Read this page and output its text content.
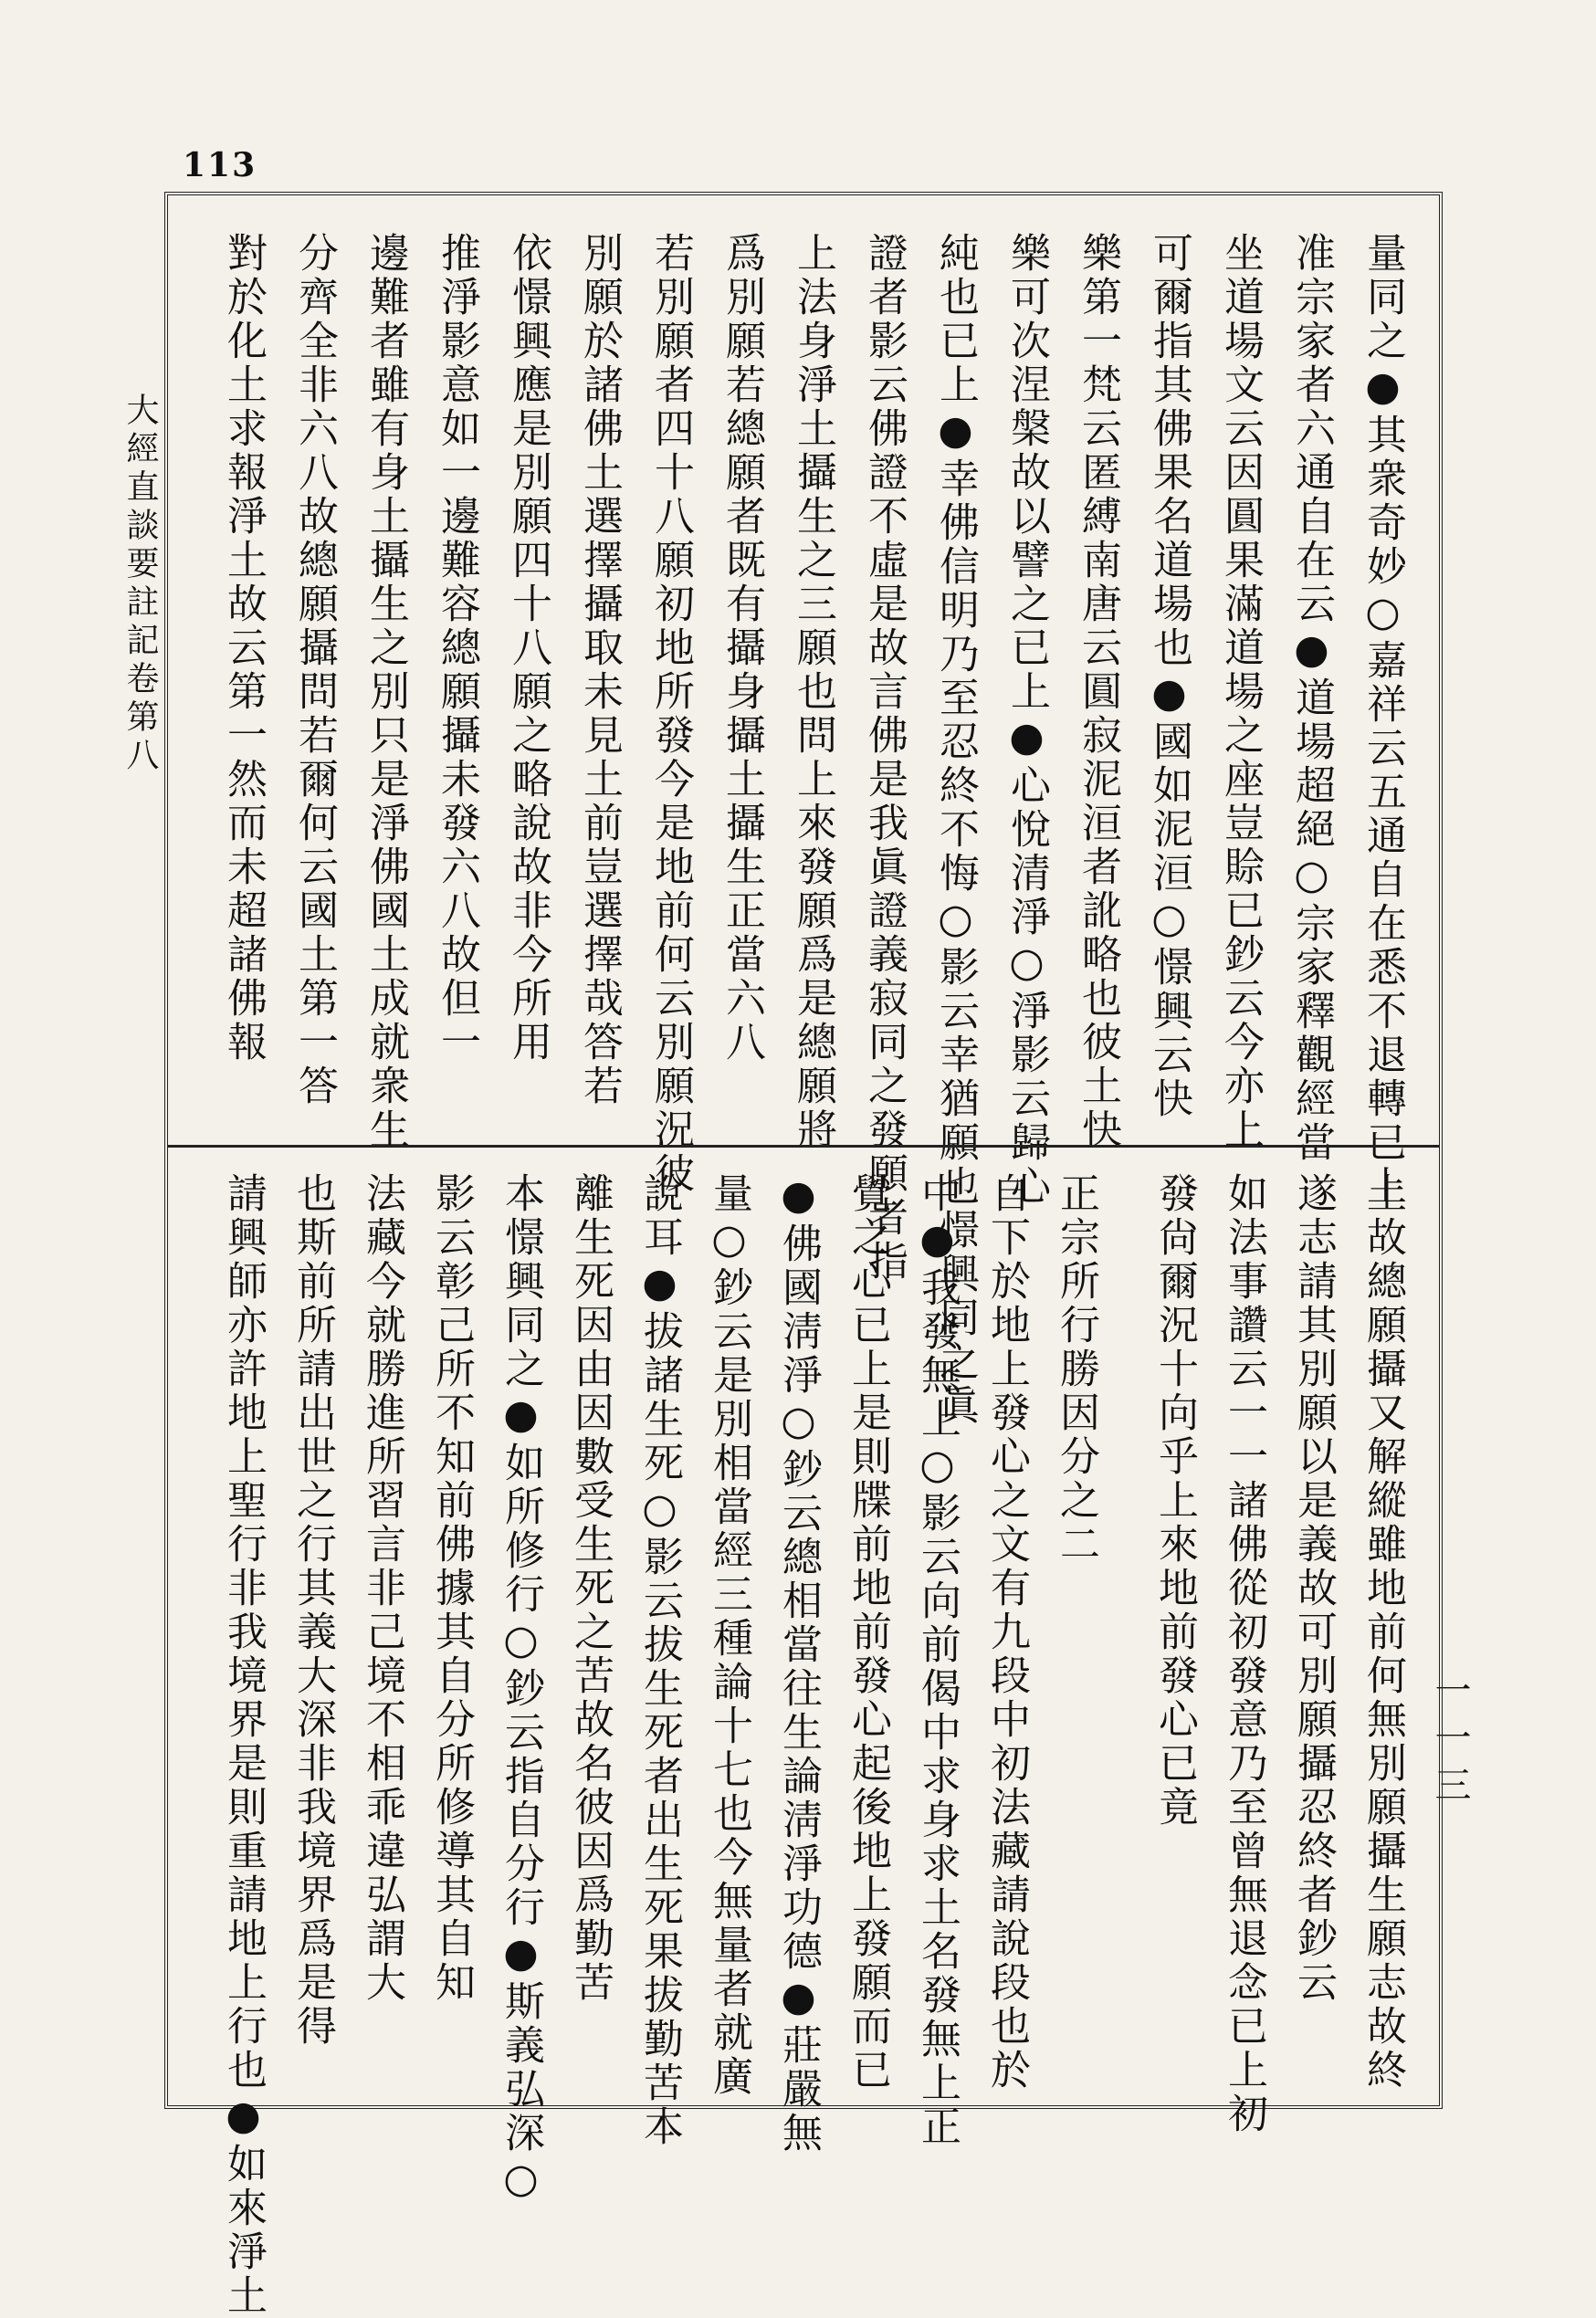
113
大經直談要註記卷第八
一一三
量同之●其衆奇妙○嘉祥云五通自在悉不退轉已上
准宗家者六通自在云●道場超絕○宗家釋觀經當
坐道場文云因圓果滿道場之座豈賒已鈔云今亦上
可爾指其佛果名道場也●國如泥洹○憬興云快
樂第一梵云匿縛南唐云圓寂泥洹者訛略也彼土快
樂可次涅槃故以譬之已上●心悅清淨○淨影云歸心
純也已上●幸佛信明乃至忍終不悔○影云幸猶願也憬興同之眞
證者影云佛證不虛是故言佛是我眞證義寂同之發願者指
上法身淨土攝生之三願也問上來發願爲是總願將
爲別願若總願者既有攝身攝土攝生正當六八
若別願者四十八願初地所發今是地前何云別願況彼
別願於諸佛土選擇攝取未見土前豈選擇哉答若
依憬興應是別願四十八願之略說故非今所用
推淨影意如一邊難容總願攝未發六八故但一
邊難者雖有身土攝生之別只是淨佛國土成就衆生
分齊全非六八故總願攝問若爾何云國土第一答
對於化土求報淨土故云第一然而未超諸佛報
土故總願攝又解縱雖地前何無別願攝生願志故終
遂志請其別願以是義故可別願攝忍終者鈔云
如法事讚云一一諸佛從初發意乃至曾無退念已上初
發尙爾況十向乎上來地前發心已竟
正宗所行勝因分之二
自下於地上發心之文有九段中初法藏請說段也於
中●我發無上○影云向前偈中求身求土名發無上正
覺之心已上是則牒前地前發心起後地上發願而已
●佛國淸淨○鈔云總相當往生論淸淨功德●莊嚴無
量○鈔云是別相當經三種論十七也今無量者就廣
說耳●拔諸生死○影云拔生死者出生死果拔勤苦本
離生死因由因數受生死之苦故名彼因爲勤苦
本憬興同之●如所修行○鈔云指自分行●斯義弘深○
影云彰己所不知前佛據其自分所修導其自知
法藏今就勝進所習言非己境不相乖違弘謂大
也斯前所請出世之行其義大深非我境界爲是得
請興師亦許地上聖行非我境界是則重請地上行也●如來淨土
